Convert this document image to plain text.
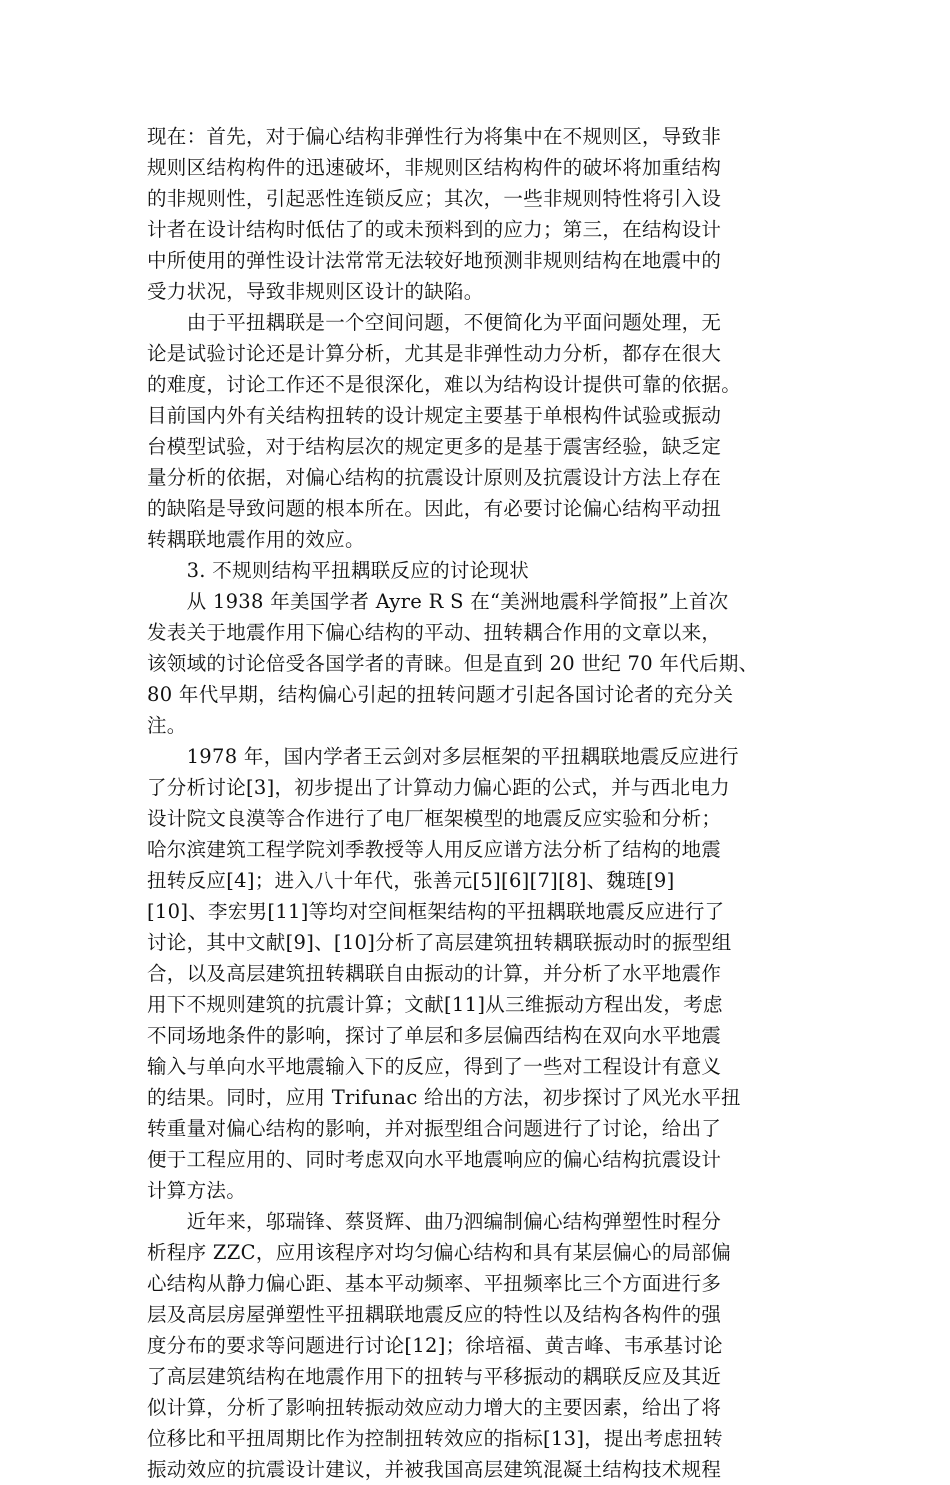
现在：首先，对于偏心结构非弹性行为将集中在不规则区，导致非
规则区结构构件的迅速破坏，非规则区结构构件的破坏将加重结构
的非规则性，引起恶性连锁反应；其次，一些非规则特性将引入设
计者在设计结构时低估了的或未预料到的应力；第三，在结构设计
中所使用的弹性设计法常常无法较好地预测非规则结构在地震中的
受力状况，导致非规则区设计的缺陷。
　　由于平扭耦联是一个空间问题，不便简化为平面问题处理，无
论是试验讨论还是计算分析，尤其是非弹性动力分析，都存在很大
的难度，讨论工作还不是很深化，难以为结构设计提供可靠的依据。
目前国内外有关结构扭转的设计规定主要基于单根构件试验或振动
台模型试验，对于结构层次的规定更多的是基于震害经验，缺乏定
量分析的依据，对偏心结构的抗震设计原则及抗震设计方法上存在
的缺陷是导致问题的根本所在。因此，有必要讨论偏心结构平动扭
转耦联地震作用的效应。
　　3. 不规则结构平扭耦联反应的讨论现状
　　从 1938 年美国学者 Ayre R S 在“美洲地震科学简报”上首次
发表关于地震作用下偏心结构的平动、扭转耦合作用的文章以来，
该领域的讨论倍受各国学者的青睐。但是直到 20 世纪 70 年代后期、
80 年代早期，结构偏心引起的扭转问题才引起各国讨论者的充分关
注。
　　1978 年，国内学者王云剑对多层框架的平扭耦联地震反应进行
了分析讨论[3]，初步提出了计算动力偏心距的公式，并与西北电力
设计院文良漠等合作进行了电厂框架模型的地震反应实验和分析；
哈尔滨建筑工程学院刘季教授等人用反应谱方法分析了结构的地震
扭转反应[4]；进入八十年代，张善元[5][6][7][8]、魏琏[9]
[10]、李宏男[11]等均对空间框架结构的平扭耦联地震反应进行了
讨论，其中文献[9]、[10]分析了高层建筑扭转耦联振动时的振型组
合，以及高层建筑扭转耦联自由振动的计算，并分析了水平地震作
用下不规则建筑的抗震计算；文献[11]从三维振动方程出发，考虑
不同场地条件的影响，探讨了单层和多层偏西结构在双向水平地震
输入与单向水平地震输入下的反应，得到了一些对工程设计有意义
的结果。同时，应用 Trifunac 给出的方法，初步探讨了风光水平扭
转重量对偏心结构的影响，并对振型组合问题进行了讨论，给出了
便于工程应用的、同时考虑双向水平地震响应的偏心结构抗震设计
计算方法。
　　近年来，邬瑞锋、蔡贤辉、曲乃泗编制偏心结构弹塑性时程分
析程序 ZZC，应用该程序对均匀偏心结构和具有某层偏心的局部偏
心结构从静力偏心距、基本平动频率、平扭频率比三个方面进行多
层及高层房屋弹塑性平扭耦联地震反应的特性以及结构各构件的强
度分布的要求等问题进行讨论[12]；徐培福、黄吉峰、韦承基讨论
了高层建筑结构在地震作用下的扭转与平移振动的耦联反应及其近
似计算，分析了影响扭转振动效应动力增大的主要因素，给出了将
位移比和平扭周期比作为控制扭转效应的指标[13]，提出考虑扭转
振动效应的抗震设计建议，并被我国高层建筑混凝土结构技术规程
